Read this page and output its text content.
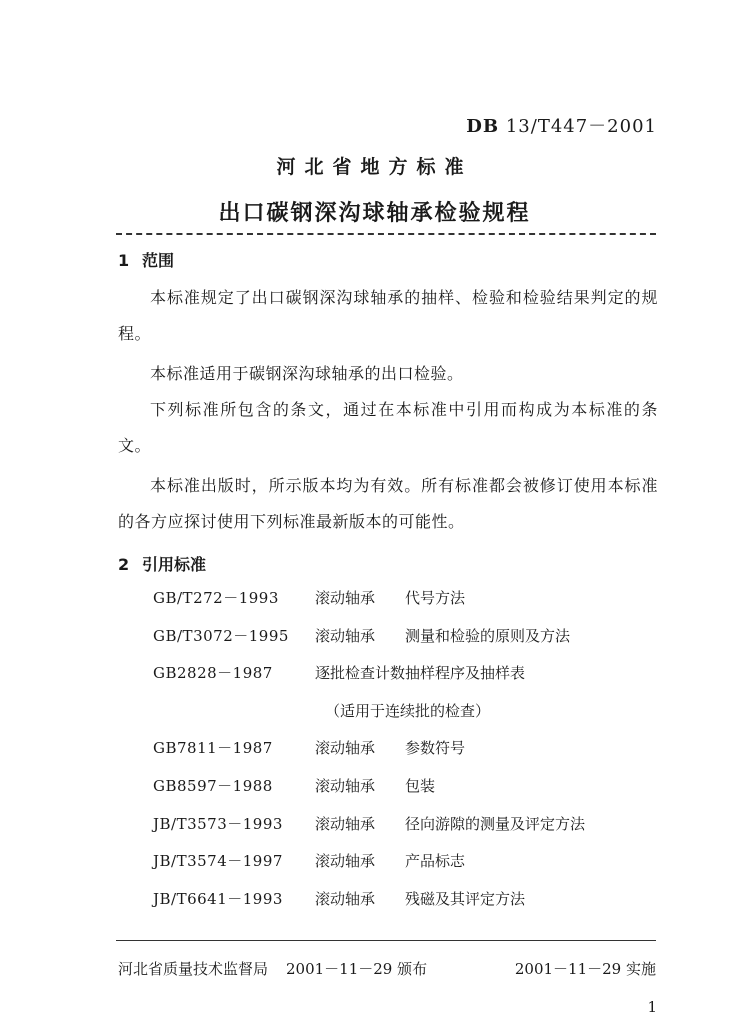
DB 13/T447－2001
河北省地方标准
出口碳钢深沟球轴承检验规程
1 范围

本标准规定了出口碳钢深沟球轴承的抽样、检验和检验结果判定的规程。

本标准适用于碳钢深沟球轴承的出口检验。

下列标准所包含的条文，通过在本标准中引用而构成为本标准的条文。

本标准出版时，所示版本均为有效。所有标准都会被修订使用本标准的各方应探讨使用下列标准最新版本的可能性。

2 引用标准
GB/T272－1993 滚动轴承 代号方法
GB/T3072－1995 滚动轴承 测量和检验的原则及方法
GB2828－1987	逐批检查计数抽样程序及抽样表
（适用于连续批的检查）
GB7811－1987	滚动轴承 参数符号
GB8597－1988	滚动轴承 包装
JB/T3573－1993 滚动轴承 径向游隙的测量及评定方法
JB/T3574－1997 滚动轴承 产品标志
JB/T6641－1993 滚动轴承 残磁及其评定方法
河北省质量技术监督局 2001－11－29 颁布	2001－11－29 实施
1
